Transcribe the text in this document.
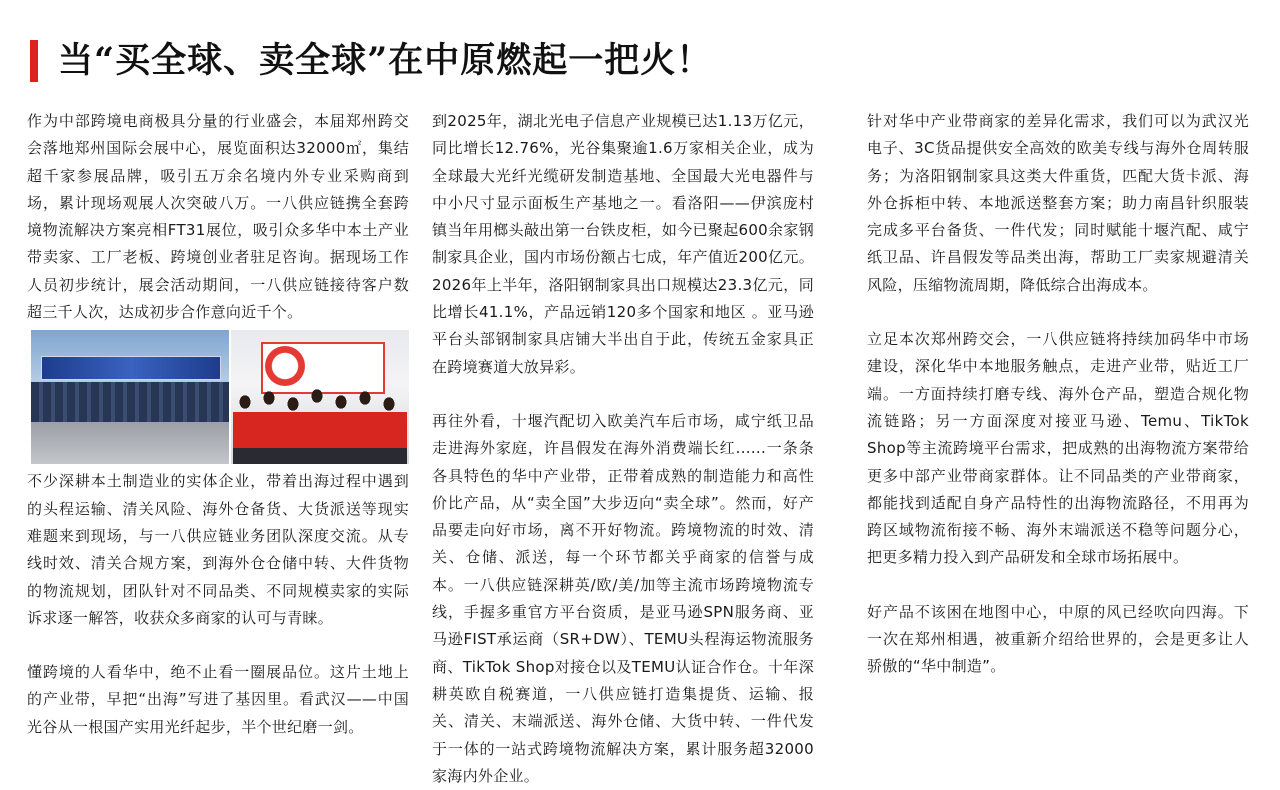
当“买全球、卖全球”在中原燃起一把火！

作为中部跨境电商极具分量的行业盛会，本届郑州跨交会落地郑州国际会展中心，展览面积达32000㎡，集结超千家参展品牌，吸引五万余名境内外专业采购商到场，累计现场观展人次突破八万。一八供应链携全套跨境物流解决方案亮相FT31展位，吸引众多华中本土产业带卖家、工厂老板、跨境创业者驻足咨询。据现场工作人员初步统计，展会活动期间，一八供应链接待客户数超三千人次，达成初步合作意向近千个。

不少深耕本土制造业的实体企业，带着出海过程中遇到的头程运输、清关风险、海外仓备货、大货派送等现实难题来到现场，与一八供应链业务团队深度交流。从专线时效、清关合规方案，到海外仓仓储中转、大件货物的物流规划，团队针对不同品类、不同规模卖家的实际诉求逐一解答，收获众多商家的认可与青睐。

懂跨境的人看华中，绝不止看一圈展品位。这片土地上的产业带，早把“出海”写进了基因里。看武汉——中国光谷从一根国产实用光纤起步，半个世纪磨一剑。

到2025年，湖北光电子信息产业规模已达1.13万亿元，同比增长12.76%，光谷集聚逾1.6万家相关企业，成为全球最大光纤光缆研发制造基地、全国最大光电器件与中小尺寸显示面板生产基地之一。看洛阳——伊滨庞村镇当年用榔头敲出第一台铁皮柜，如今已聚起600余家钢制家具企业，国内市场份额占七成，年产值近200亿元。2026年上半年，洛阳钢制家具出口规模达23.3亿元，同比增长41.1%，产品远销120多个国家和地区 。亚马逊平台头部钢制家具店铺大半出自于此，传统五金家具正在跨境赛道大放异彩。

再往外看，十堰汽配切入欧美汽车后市场，咸宁纸卫品走进海外家庭，许昌假发在海外消费端长红......一条条各具特色的华中产业带，正带着成熟的制造能力和高性价比产品，从“卖全国”大步迈向“卖全球”。然而，好产品要走向好市场，离不开好物流。跨境物流的时效、清关、仓储、派送，每一个环节都关乎商家的信誉与成本。一八供应链深耕英/欧/美/加等主流市场跨境物流专线，手握多重官方平台资质，是亚马逊SPN服务商、亚马逊FIST承运商（SR+DW）、TEMU头程海运物流服务商、TikTok Shop对接仓以及TEMU认证合作仓。十年深耕英欧自税赛道，一八供应链打造集提货、运输、报关、清关、末端派送、海外仓储、大货中转、一件代发于一体的一站式跨境物流解决方案，累计服务超32000家海内外企业。

针对华中产业带商家的差异化需求，我们可以为武汉光电子、3C货品提供安全高效的欧美专线与海外仓周转服务；为洛阳钢制家具这类大件重货，匹配大货卡派、海外仓拆柜中转、本地派送整套方案；助力南昌针织服装完成多平台备货、一件代发；同时赋能十堰汽配、咸宁纸卫品、许昌假发等品类出海，帮助工厂卖家规避清关风险，压缩物流周期，降低综合出海成本。

立足本次郑州跨交会，一八供应链将持续加码华中市场建设，深化华中本地服务触点，走进产业带，贴近工厂端。一方面持续打磨专线、海外仓产品，塑造合规化物流链路；另一方面深度对接亚马逊、Temu、TikTok Shop等主流跨境平台需求，把成熟的出海物流方案带给更多中部产业带商家群体。让不同品类的产业带商家，都能找到适配自身产品特性的出海物流路径，不用再为跨区域物流衔接不畅、海外末端派送不稳等问题分心，把更多精力投入到产品研发和全球市场拓展中。

好产品不该困在地图中心，中原的风已经吹向四海。下一次在郑州相遇，被重新介绍给世界的，会是更多让人骄傲的“华中制造”。
